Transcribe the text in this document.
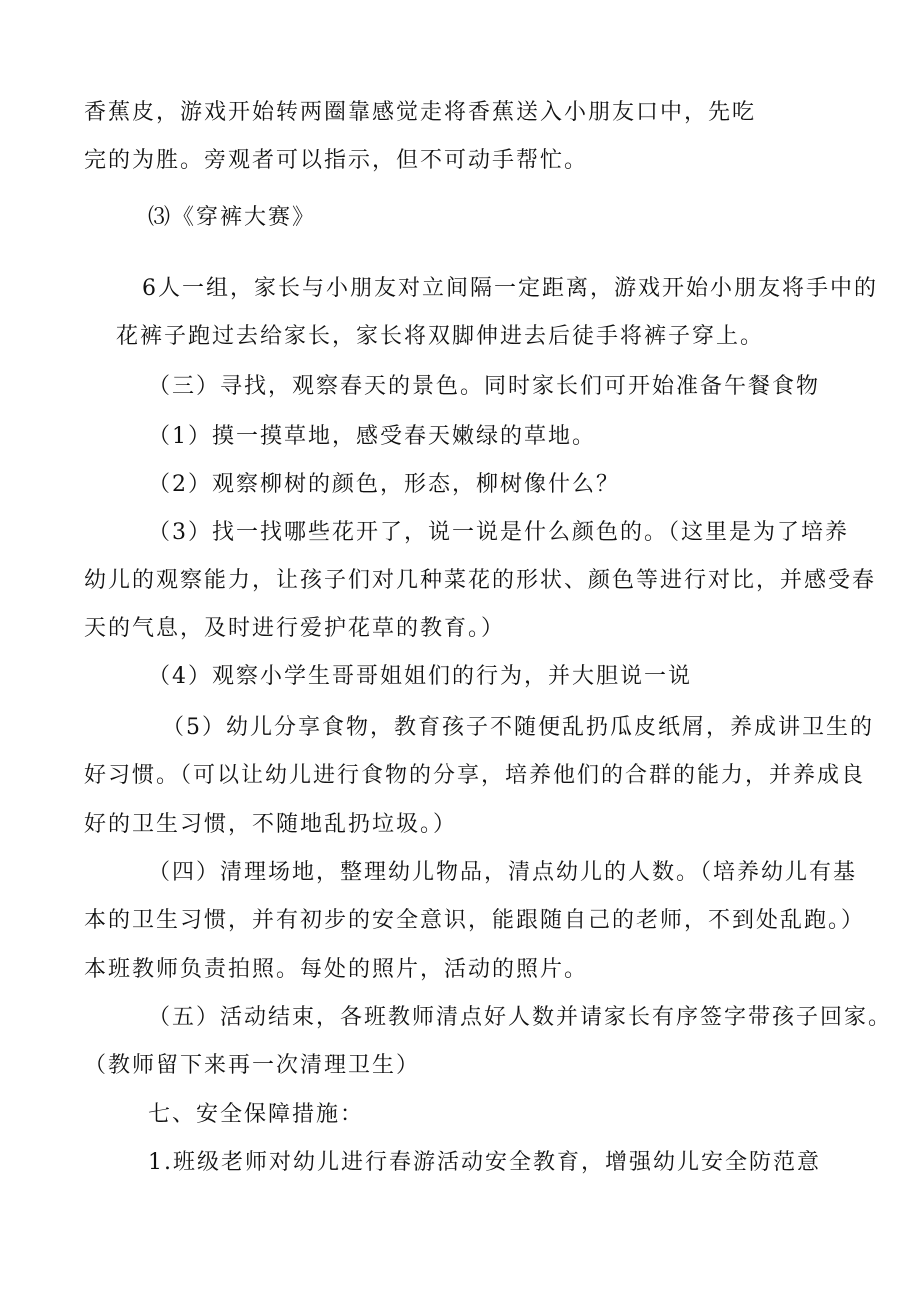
香蕉皮，游戏开始转两圈靠感觉走将香蕉送入小朋友口中，先吃
完的为胜。旁观者可以指示，但不可动手帮忙。
⑶《穿裤大赛》
6人一组，家长与小朋友对立间隔一定距离，游戏开始小朋友将手中的
花裤子跑过去给家长，家长将双脚伸进去后徒手将裤子穿上。
（三）寻找，观察春天的景色。同时家长们可开始准备午餐食物
（1）摸一摸草地，感受春天嫩绿的草地。
（2）观察柳树的颜色，形态，柳树像什么？
（3）找一找哪些花开了，说一说是什么颜色的。（这里是为了培养
幼儿的观察能力，让孩子们对几种菜花的形状、颜色等进行对比，并感受春
天的气息，及时进行爱护花草的教育。）
（4）观察小学生哥哥姐姐们的行为，并大胆说一说
（5）幼儿分享食物，教育孩子不随便乱扔瓜皮纸屑，养成讲卫生的
好习惯。（可以让幼儿进行食物的分享，培养他们的合群的能力，并养成良
好的卫生习惯，不随地乱扔垃圾。）
（四）清理场地，整理幼儿物品，清点幼儿的人数。（培养幼儿有基
本的卫生习惯，并有初步的安全意识，能跟随自己的老师，不到处乱跑。）
本班教师负责拍照。每处的照片，活动的照片。
（五）活动结束，各班教师清点好人数并请家长有序签字带孩子回家。
（教师留下来再一次清理卫生）
七、安全保障措施：
1.班级老师对幼儿进行春游活动安全教育，增强幼儿安全防范意
